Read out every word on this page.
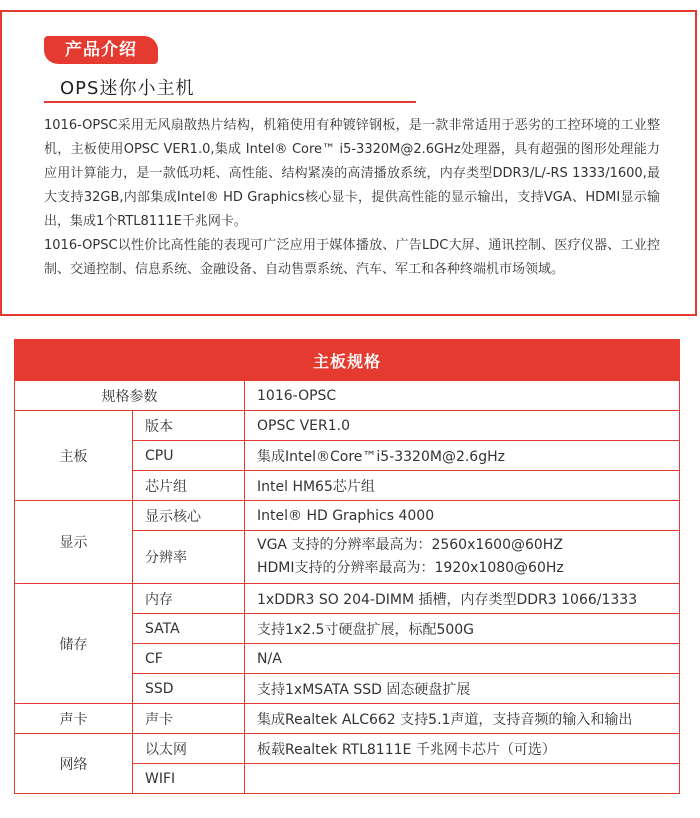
产品介绍
OPS迷你小主机

1016-OPSC采用无风扇散热片结构，机箱使用有种镀锌钢板，是一款非常适用于恶劣的工控环境的工业整机，主板使用OPSC VER1.0,集成 Intel® Core™ i5-3320M@2.6GHz处理器，具有超强的图形处理能力应用计算能力，是一款低功耗、高性能、结构紧凑的高清播放系统，内存类型DDR3/L/-RS 1333/1600,最大支持32GB,内部集成Intel® HD Graphics核心显卡，提供高性能的显示输出，支持VGA、HDMI显示输出，集成1个RTL8111E千兆网卡。

1016-OPSC以性价比高性能的表现可广泛应用于媒体播放、广告LDC大屏、通讯控制、医疗仪器、工业控制、交通控制、信息系统、金融设备、自动售票系统、汽车、军工和各种终端机市场领域。

主板规格		
规格参数		1016-OPSC
主板	版本	OPSC VER1.0
	CPU	集成Intel®Core™i5-3320M@2.6gHz
	芯片组	Intel HM65芯片组
显示	显示核心	Intel® HD Graphics 4000
	分辨率	VGA 支持的分辨率最高为：2560x1600@60HZ
HDMI支持的分辨率最高为：1920x1080@60Hz

储存	内存	1xDDR3 SO 204-DIMM 插槽，内存类型DDR3 1066/1333
	SATA	支持1x2.5寸硬盘扩展，标配500G
	CF	N/A
	SSD	支持1xMSATA SSD 固态硬盘扩展
声卡	声卡	集成Realtek ALC662 支持5.1声道，支持音频的输入和输出
网络	以太网	板载Realtek RTL8111E 千兆网卡芯片（可选）
	WIFI	
